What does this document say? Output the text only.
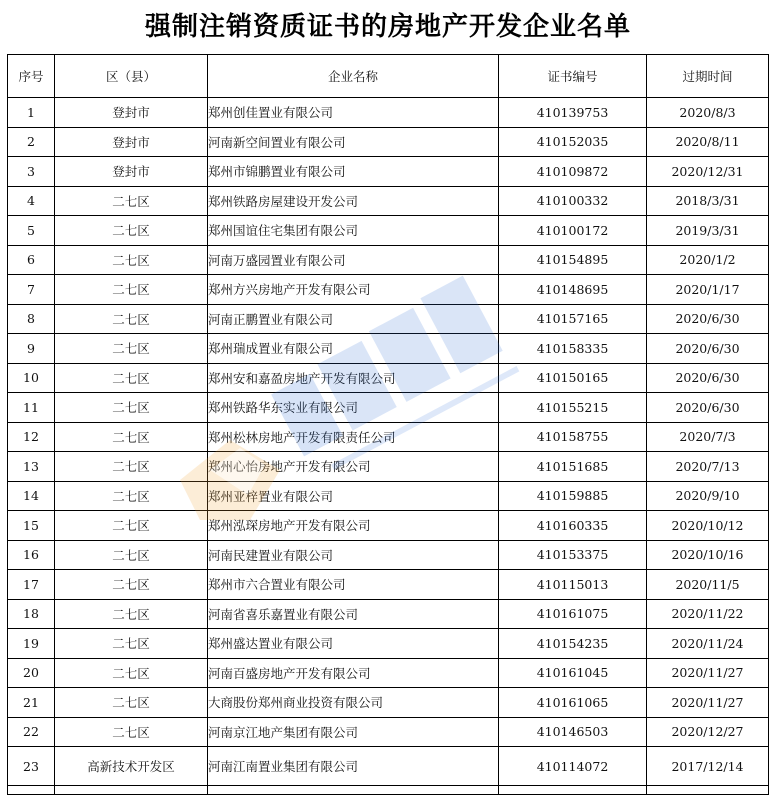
强制注销资质证书的房地产开发企业名单
序号	区（县）	企业名称	证书编号	过期时间
1	登封市	郑州创佳置业有限公司	410139753	2020/8/3
2	登封市	河南新空间置业有限公司	410152035	2020/8/11
3	登封市	郑州市锦鹏置业有限公司	410109872	2020/12/31
4	二七区	郑州铁路房屋建设开发公司	410100332	2018/3/31
5	二七区	郑州国谊住宅集团有限公司	410100172	2019/3/31
6	二七区	河南万盛园置业有限公司	410154895	2020/1/2
7	二七区	郑州方兴房地产开发有限公司	410148695	2020/1/17
8	二七区	河南正鹏置业有限公司	410157165	2020/6/30
9	二七区	郑州瑞成置业有限公司	410158335	2020/6/30
10	二七区	郑州安和嘉盈房地产开发有限公司	410150165	2020/6/30
11	二七区	郑州铁路华东实业有限公司	410155215	2020/6/30
12	二七区	郑州松林房地产开发有限责任公司	410158755	2020/7/3
13	二七区	郑州心怡房地产开发有限公司	410151685	2020/7/13
14	二七区	郑州亚梓置业有限公司	410159885	2020/9/10
15	二七区	郑州泓琛房地产开发有限公司	410160335	2020/10/12
16	二七区	河南民建置业有限公司	410153375	2020/10/16
17	二七区	郑州市六合置业有限公司	410115013	2020/11/5
18	二七区	河南省喜乐嘉置业有限公司	410161075	2020/11/22
19	二七区	郑州盛达置业有限公司	410154235	2020/11/24
20	二七区	河南百盛房地产开发有限公司	410161045	2020/11/27
21	二七区	大商股份郑州商业投资有限公司	410161065	2020/11/27
22	二七区	河南京江地产集团有限公司	410146503	2020/12/27
23	高新技术开发区	河南江南置业集团有限公司	410114072	2017/12/14
